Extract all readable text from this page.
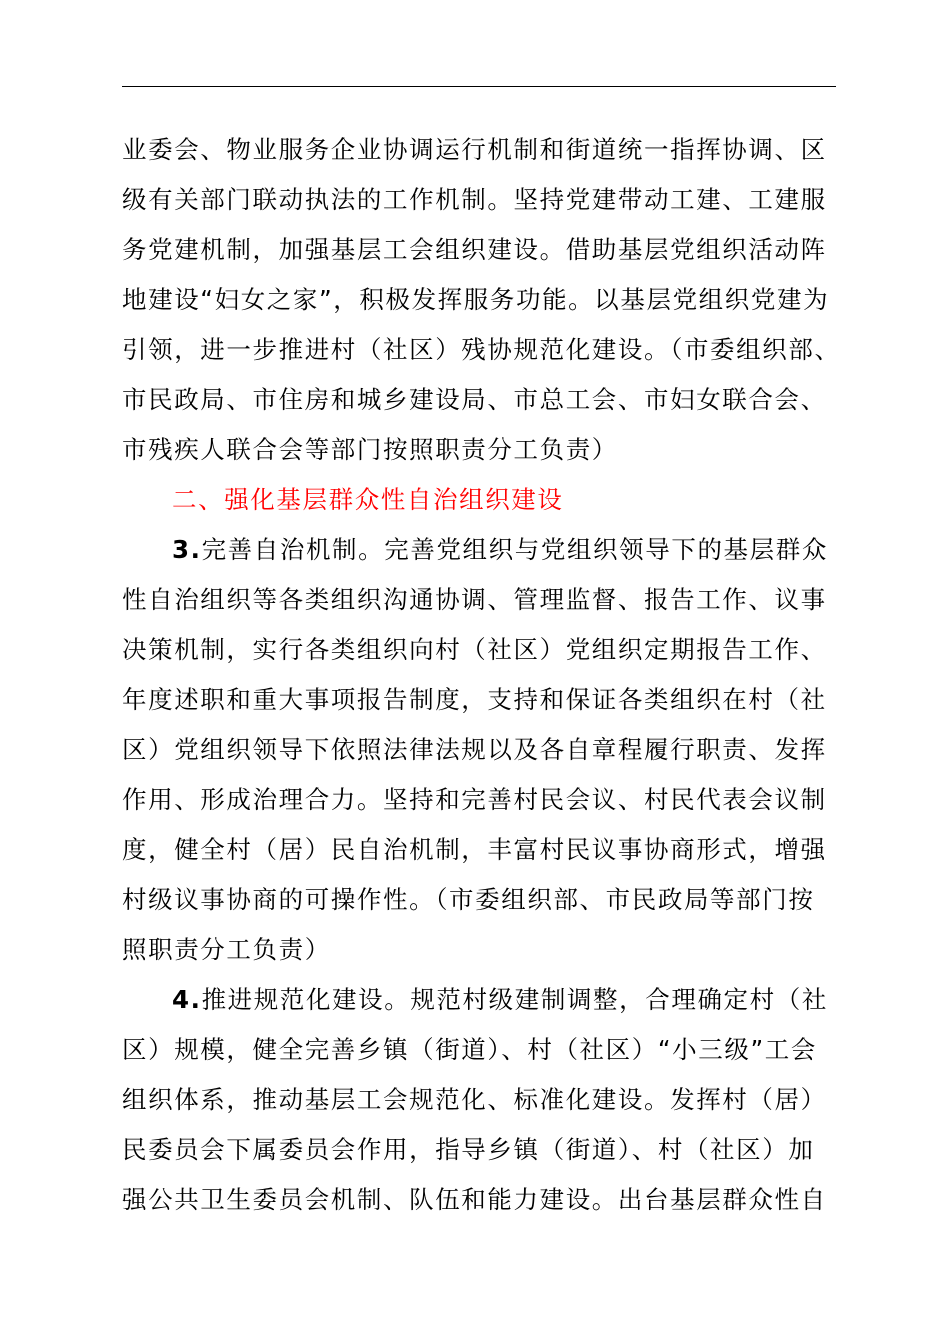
业委会、物业服务企业协调运行机制和街道统一指挥协调、区
级有关部门联动执法的工作机制。坚持党建带动工建、工建服
务党建机制，加强基层工会组织建设。借助基层党组织活动阵
地建设“妇女之家”，积极发挥服务功能。以基层党组织党建为
引领，进一步推进村（社区）残协规范化建设。（市委组织部、
市民政局、市住房和城乡建设局、市总工会、市妇女联合会、
市残疾人联合会等部门按照职责分工负责）
二、强化基层群众性自治组织建设
3.完善自治机制。完善党组织与党组织领导下的基层群众
性自治组织等各类组织沟通协调、管理监督、报告工作、议事
决策机制，实行各类组织向村（社区）党组织定期报告工作、
年度述职和重大事项报告制度，支持和保证各类组织在村（社
区）党组织领导下依照法律法规以及各自章程履行职责、发挥
作用、形成治理合力。坚持和完善村民会议、村民代表会议制
度，健全村（居）民自治机制，丰富村民议事协商形式，增强
村级议事协商的可操作性。（市委组织部、市民政局等部门按
照职责分工负责）
4.推进规范化建设。规范村级建制调整，合理确定村（社
区）规模，健全完善乡镇（街道）、村（社区）“小三级”工会
组织体系，推动基层工会规范化、标准化建设。发挥村（居）
民委员会下属委员会作用，指导乡镇（街道）、村（社区）加
强公共卫生委员会机制、队伍和能力建设。出台基层群众性自
